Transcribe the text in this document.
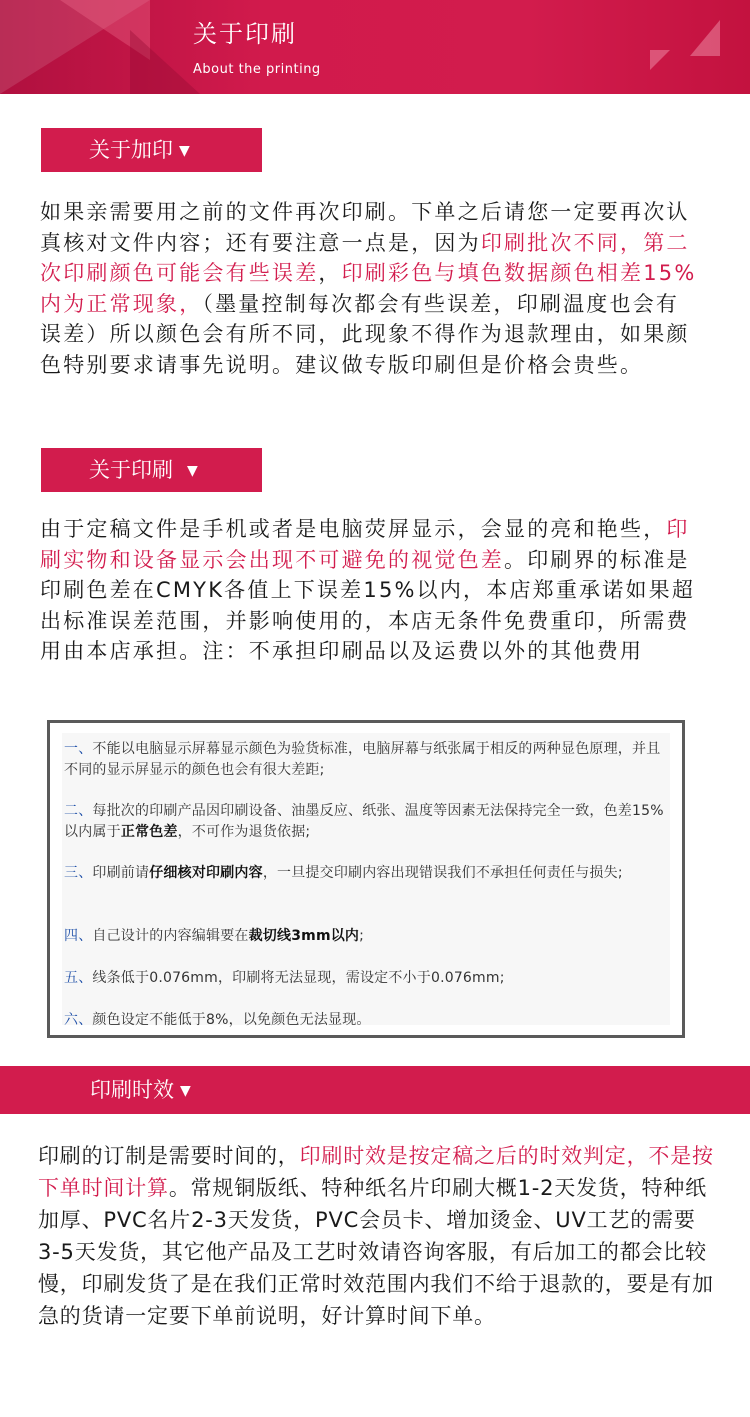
关于印刷
About the printing
关于加印 ▼

如果亲需要用之前的文件再次印刷。下单之后请您一定要再次认真核对文件内容；还有要注意一点是，因为印刷批次不同，第二次印刷颜色可能会有些误差，印刷彩色与填色数据颜色相差15%内为正常现象，（墨量控制每次都会有些误差，印刷温度也会有误差）所以颜色会有所不同，此现象不得作为退款理由，如果颜色特别要求请事先说明。建议做专版印刷但是价格会贵些。

关于印刷 ▼

由于定稿文件是手机或者是电脑荧屏显示，会显的亮和艳些，印刷实物和设备显示会出现不可避免的视觉色差。印刷界的标准是印刷色差在CMYK各值上下误差15%以内，本店郑重承诺如果超出标准误差范围，并影响使用的，本店无条件免费重印，所需费用由本店承担。注：不承担印刷品以及运费以外的其他费用

一、不能以电脑显示屏幕显示颜色为验货标准，电脑屏幕与纸张属于相反的两种显色原理，并且不同的显示屏显示的颜色也会有很大差距;
二、每批次的印刷产品因印刷设备、油墨反应、纸张、温度等因素无法保持完全一致，色差15%以内属于正常色差，不可作为退货依据;
三、印刷前请仔细核对印刷内容，一旦提交印刷内容出现错误我们不承担任何责任与损失;
四、自己设计的内容编辑要在裁切线3mm以内;
五、线条低于0.076mm，印刷将无法显现，需设定不小于0.076mm;
六、颜色设定不能低于8%，以免颜色无法显现。
印刷时效 ▼

印刷的订制是需要时间的，印刷时效是按定稿之后的时效判定，不是按下单时间计算。常规铜版纸、特种纸名片印刷大概1-2天发货，特种纸加厚、PVC名片2-3天发货，PVC会员卡、增加烫金、UV工艺的需要3-5天发货，其它他产品及工艺时效请咨询客服，有后加工的都会比较慢，印刷发货了是在我们正常时效范围内我们不给于退款的，要是有加急的货请一定要下单前说明，好计算时间下单。
